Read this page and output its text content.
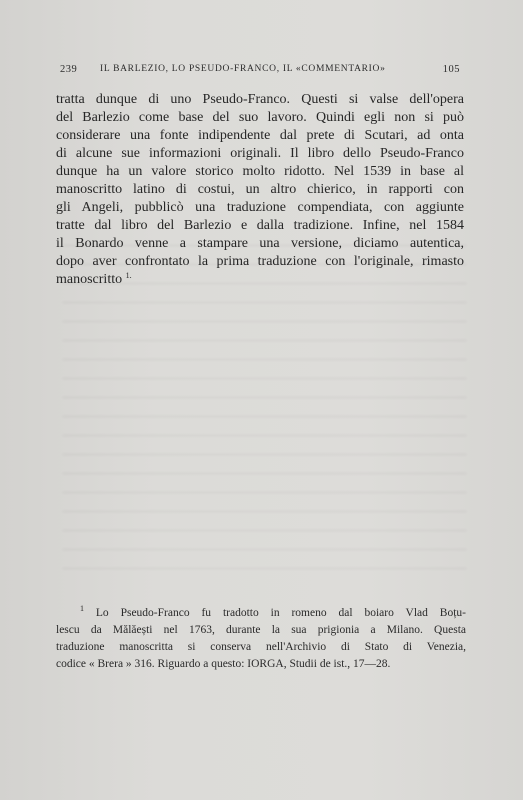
239 IL BARLEZIO, LO PSEUDO-FRANCO, IL «COMMENTARIO»	105
tratta dunque di uno Pseudo-Franco. Questi si valse dell'opera
del Barlezio come base del suo lavoro. Quindi egli non si può
considerare una fonte indipendente dal prete di Scutari, ad onta
di alcune sue informazioni originali. Il libro dello Pseudo-Franco
dunque ha un valore storico molto ridotto. Nel 1539 in base al
manoscritto latino di costui, un altro chierico, in rapporti con
gli Angeli, pubblicò una traduzione compendiata, con aggiunte
tratte dal libro del Barlezio e dalla tradizione. Infine, nel 1584
il Bonardo venne a stampare una versione, diciamo autentica,
dopo aver confrontato la prima traduzione con l'originale, rimasto
manoscritto $^{1.}$
$^1$ Lo Pseudo-Franco fu tradotto in romeno dal boiaro Vlad Boțu-
lescu da Mălăești nel 1763, durante la sua prigionia a Milano. Questa
traduzione manoscritta si conserva nell'Archivio di Stato di Venezia,
codice « Brera » 316. Riguardo a questo: IORGA, Studii de ist., 17—28.
